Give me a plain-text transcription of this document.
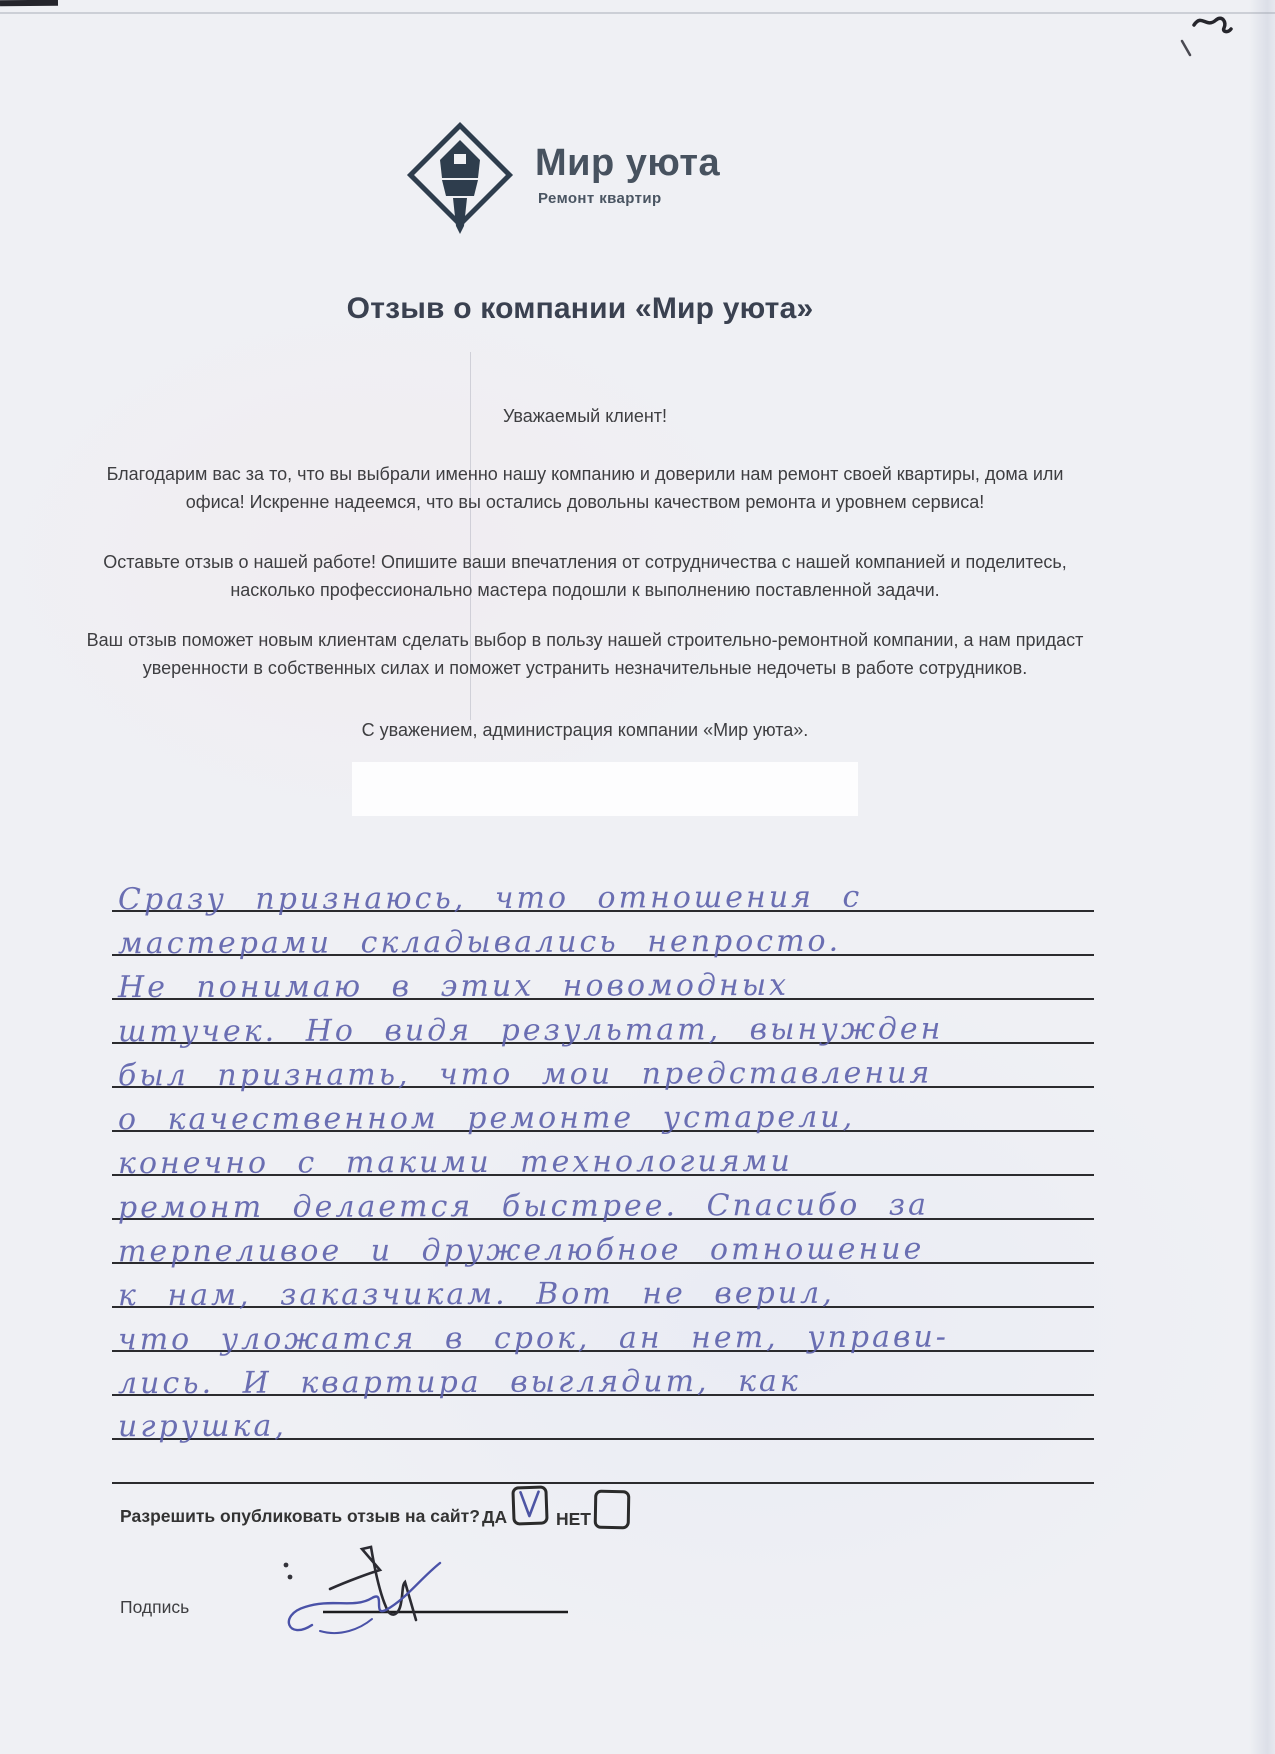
Мир уюта
Ремонт квартир
Отзыв о компании «Мир уюта»
Уважаемый клиент!
Благодарим вас за то, что вы выбрали именно нашу компанию и доверили нам ремонт своей квартиры, дома или офиса! Искренне надеемся, что вы остались довольны качеством ремонта и уровнем сервиса!
Оставьте отзыв о нашей работе! Опишите ваши впечатления от сотрудничества с нашей компанией и поделитесь, насколько профессионально мастера подошли к выполнению поставленной задачи.
Ваш отзыв поможет новым клиентам сделать выбор в пользу нашей строительно-ремонтной компании, а нам придаст уверенности в собственных силах и поможет устранить незначительные недочеты в работе сотрудников.
С уважением, администрация компании «Мир уюта».
Сразу признаюсь, что отношения с
мастерами складывались непросто.
Не понимаю в этих новомодных
штучек. Но видя результат, вынужден
был признать, что мои представления
о качественном ремонте устарели,
конечно с такими технологиями
ремонт делается быстрее. Спасибо за
терпеливое и дружелюбное отношение
к нам, заказчикам. Вот не верил,
что уложатся в срок, ан нет, управи-
лись. И квартира выглядит, как
игрушка,
Разрешить опубликовать отзыв на сайт? ДА	НЕТ
Подпись
